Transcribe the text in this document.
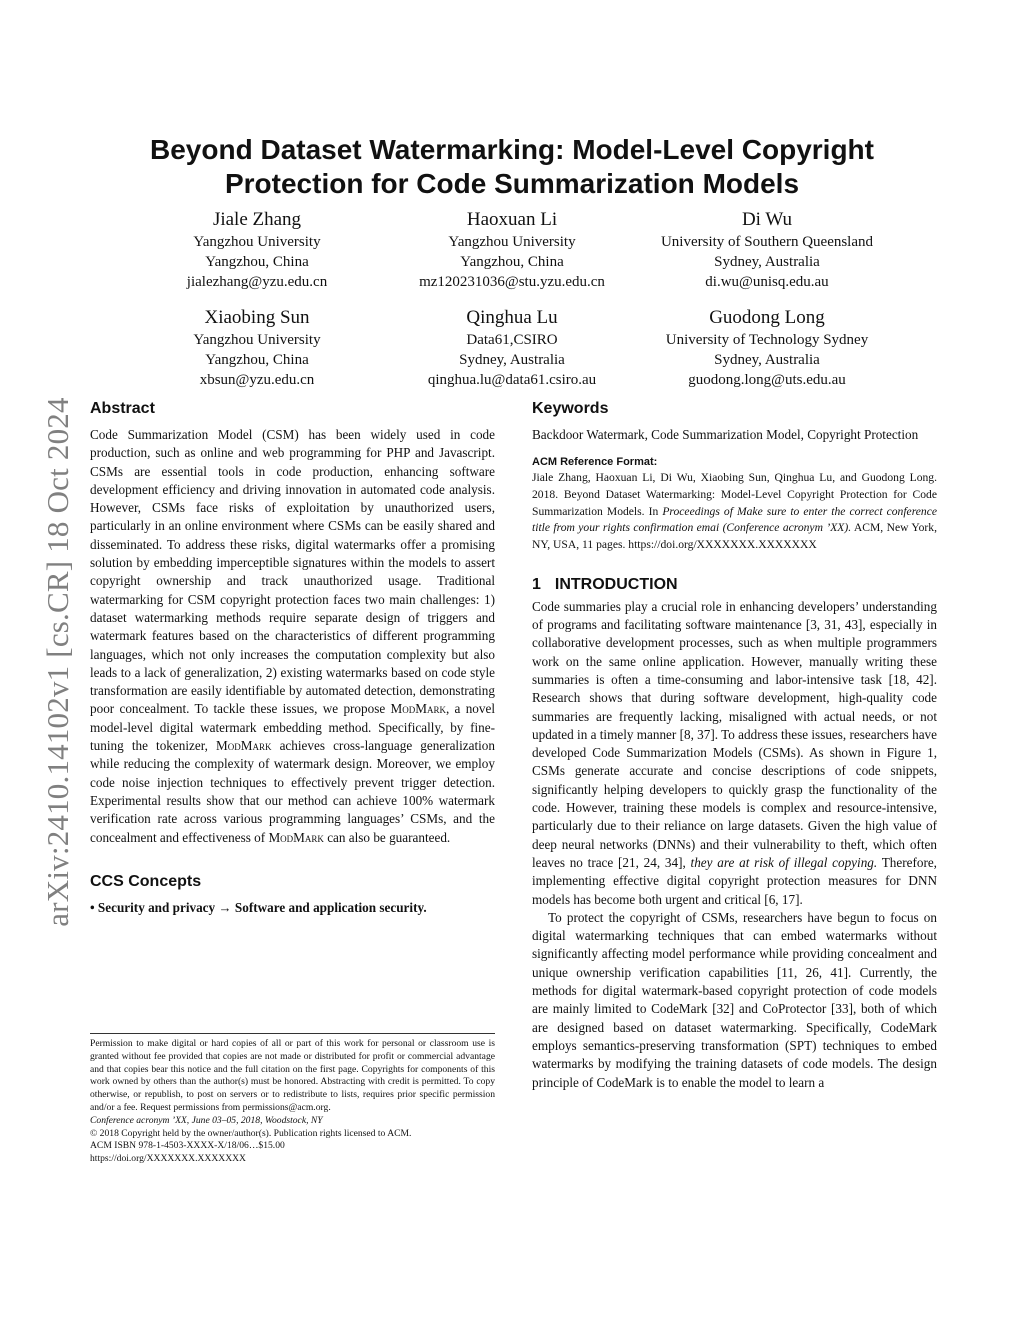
arXiv:2410.14102v1 [cs.CR] 18 Oct 2024
Beyond Dataset Watermarking: Model-Level Copyright
Protection for Code Summarization Models
Jiale Zhang
Yangzhou University
Yangzhou, China
jialezhang@yzu.edu.cn
Haoxuan Li
Yangzhou University
Yangzhou, China
mz120231036@stu.yzu.edu.cn
Di Wu
University of Southern Queensland
Sydney, Australia
di.wu@unisq.edu.au
Xiaobing Sun
Yangzhou University
Yangzhou, China
xbsun@yzu.edu.cn
Qinghua Lu
Data61,CSIRO
Sydney, Australia
qinghua.lu@data61.csiro.au
Guodong Long
University of Technology Sydney
Sydney, Australia
guodong.long@uts.edu.au
Abstract

Code Summarization Model (CSM) has been widely used in code production, such as online and web programming for PHP and Javascript. CSMs are essential tools in code production, enhancing software development efficiency and driving innovation in automated code analysis. However, CSMs face risks of exploitation by unauthorized users, particularly in an online environment where CSMs can be easily shared and disseminated. To address these risks, digital watermarks offer a promising solution by embedding imperceptible signatures within the models to assert copyright ownership and track unauthorized usage. Traditional watermarking for CSM copyright protection faces two main challenges: 1) dataset watermarking methods require separate design of triggers and watermark features based on the characteristics of different programming languages, which not only increases the computation complexity but also leads to a lack of generalization, 2) existing watermarks based on code style transformation are easily identifiable by automated detection, demonstrating poor concealment. To tackle these issues, we propose ModMark, a novel model-level digital watermark embedding method. Specifically, by fine-tuning the tokenizer, ModMark achieves cross-language generalization while reducing the complexity of watermark design. Moreover, we employ code noise injection techniques to effectively prevent trigger detection. Experimental results show that our method can achieve 100% watermark verification rate across various programming languages’ CSMs, and the concealment and effectiveness of ModMark can also be guaranteed.

CCS Concepts

• Security and privacy → Software and application security.

Permission to make digital or hard copies of all or part of this work for personal or classroom use is granted without fee provided that copies are not made or distributed for profit or commercial advantage and that copies bear this notice and the full citation on the first page. Copyrights for components of this work owned by others than the author(s) must be honored. Abstracting with credit is permitted. To copy otherwise, or republish, to post on servers or to redistribute to lists, requires prior specific permission and/or a fee. Request permissions from permissions@acm.org.

Conference acronym ’XX, June 03–05, 2018, Woodstock, NY

© 2018 Copyright held by the owner/author(s). Publication rights licensed to ACM.

ACM ISBN 978-1-4503-XXXX-X/18/06…$15.00

https://doi.org/XXXXXXX.XXXXXXX

Keywords

Backdoor Watermark, Code Summarization Model, Copyright Protection

ACM Reference Format:

Jiale Zhang, Haoxuan Li, Di Wu, Xiaobing Sun, Qinghua Lu, and Guodong Long. 2018. Beyond Dataset Watermarking: Model-Level Copyright Protection for Code Summarization Models. In Proceedings of Make sure to enter the correct conference title from your rights confirmation emai (Conference acronym ’XX). ACM, New York, NY, USA, 11 pages. https://doi.org/XXXXXXX.XXXXXXX

1 INTRODUCTION

Code summaries play a crucial role in enhancing developers’ understanding of programs and facilitating software maintenance [3, 31, 43], especially in collaborative development processes, such as when multiple programmers work on the same online application. However, manually writing these summaries is often a time-consuming and labor-intensive task [18, 42]. Research shows that during software development, high-quality code summaries are frequently lacking, misaligned with actual needs, or not updated in a timely manner [8, 37]. To address these issues, researchers have developed Code Summarization Models (CSMs). As shown in Figure 1, CSMs generate accurate and concise descriptions of code snippets, significantly helping developers to quickly grasp the functionality of the code. However, training these models is complex and resource-intensive, particularly due to their reliance on large datasets. Given the high value of deep neural networks (DNNs) and their vulnerability to theft, which often leaves no trace [21, 24, 34], they are at risk of illegal copying. Therefore, implementing effective digital copyright protection measures for DNN models has become both urgent and critical [6, 17].

To protect the copyright of CSMs, researchers have begun to focus on digital watermarking techniques that can embed watermarks without significantly affecting model performance while providing concealment and unique ownership verification capabilities [11, 26, 41]. Currently, the methods for digital watermark-based copyright protection of code models are mainly limited to CodeMark [32] and CoProtector [33], both of which are designed based on dataset watermarking. Specifically, CodeMark employs semantics-preserving transformation (SPT) techniques to embed watermarks by modifying the training datasets of code models. The design principle of CodeMark is to enable the model to learn a
